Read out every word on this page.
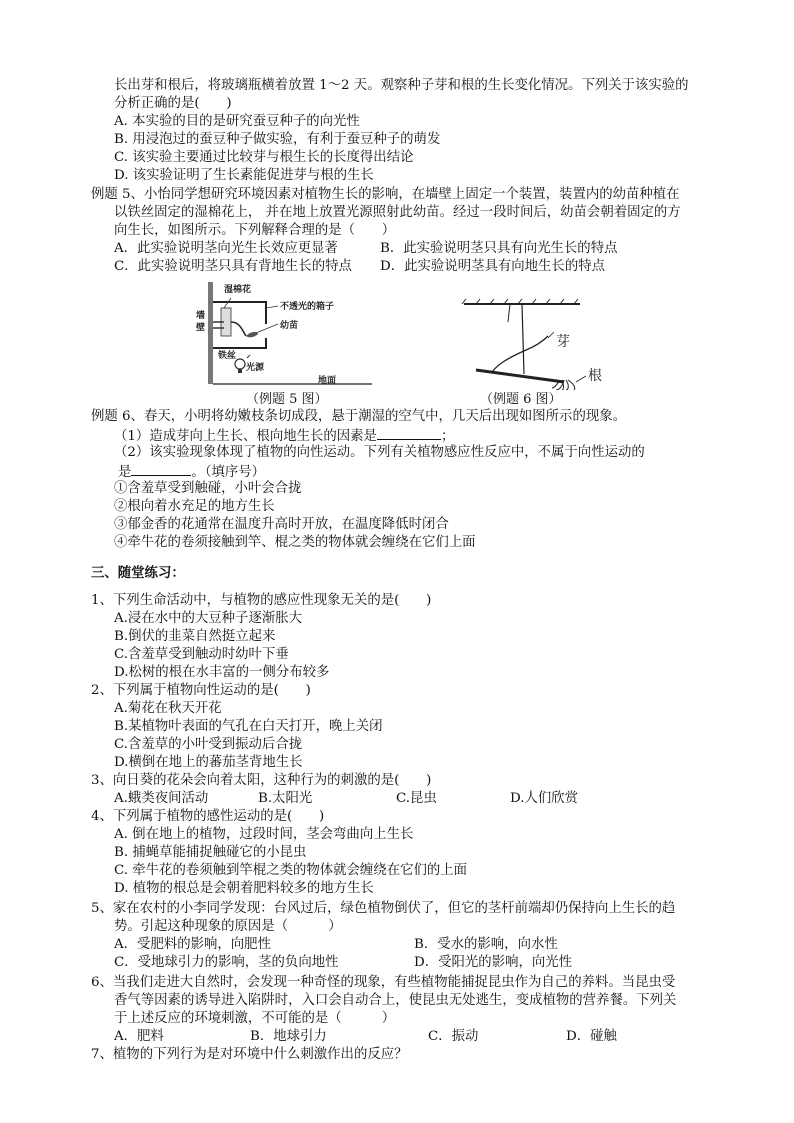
长出芽和根后，将玻璃瓶横着放置 1～2 天。观察种子芽和根的生长变化情况。下列关于该实验的
分析正确的是(　　)
A. 本实验的目的是研究蚕豆种子的向光性
B. 用浸泡过的蚕豆种子做实验，有利于蚕豆种子的萌发
C. 该实验主要通过比较芽与根生长的长度得出结论
D. 该实验证明了生长素能促进芽与根的生长
例题 5、小怡同学想研究环境因素对植物生长的影响，在墙壁上固定一个装置，装置内的幼苗种植在
以铁丝固定的湿棉花上， 并在地上放置光源照射此幼苗。经过一段时间后，幼苗会朝着固定的方
向生长，如图所示。下列解释合理的是（　　）
A．此实验说明茎向光生长效应更显著	B．此实验说明茎只具有向光生长的特点
C．此实验说明茎只具有背地生长的特点 D．此实验说明茎具有向地生长的特点
湿棉花
墙
壁
不透光的箱子
幼苗
铁丝
光源
地面
（例题 5 图）
芽
根
（例题 6 图）
例题 6、春天，小明将幼嫩枝条切成段，悬于潮湿的空气中，几天后出现如图所示的现象。
（1）造成芽向上生长、根向地生长的因素是	；
（2）该实验现象体现了植物的向性运动。下列有关植物感应性反应中，不属于向性运动的
是	。（填序号）
①含羞草受到触碰，小叶会合拢
②根向着水充足的地方生长
③郁金香的花通常在温度升高时开放，在温度降低时闭合
④牵牛花的卷须接触到竿、棍之类的物体就会缠绕在它们上面
三、随堂练习：
1、下列生命活动中，与植物的感应性现象无关的是(　　)
A.浸在水中的大豆种子逐渐胀大
B.倒伏的韭菜自然挺立起来
C.含羞草受到触动时幼叶下垂
D.松树的根在水丰富的一侧分布较多
2、下列属于植物向性运动的是(　　)
A.菊花在秋天开花
B.某植物叶表面的气孔在白天打开，晚上关闭
C.含羞草的小叶受到振动后合拢
D.横倒在地上的蕃茄茎背地生长
3、向日葵的花朵会向着太阳，这种行为的刺激的是(　　)
A.蛾类夜间活动	B.太阳光	C.昆虫	D.人们欣赏
4、下列属于植物的感性运动的是(　　)
A. 倒在地上的植物，过段时间，茎会弯曲向上生长
B. 捕蝇草能捕捉触碰它的小昆虫
C. 牵牛花的卷须触到竿棍之类的物体就会缠绕在它们的上面
D. 植物的根总是会朝着肥料较多的地方生长
5、家在农村的小李同学发现：台风过后，绿色植物倒伏了，但它的茎杆前端却仍保持向上生长的趋
势。引起这种现象的原因是（　　　）
A．受肥料的影响，向肥性	B．受水的影响，向水性
C．受地球引力的影响，茎的负向地性	D．受阳光的影响，向光性
6、当我们走进大自然时，会发现一种奇怪的现象，有些植物能捕捉昆虫作为自己的养料。当昆虫受
香气等因素的诱导进入陷阱时，入口会自动合上，使昆虫无处逃生，变成植物的营养餐。下列关
于上述反应的环境刺激，不可能的是（　　　）
A．肥料	B．地球引力	C．振动	D．碰触
7、植物的下列行为是对环境中什么刺激作出的反应？
